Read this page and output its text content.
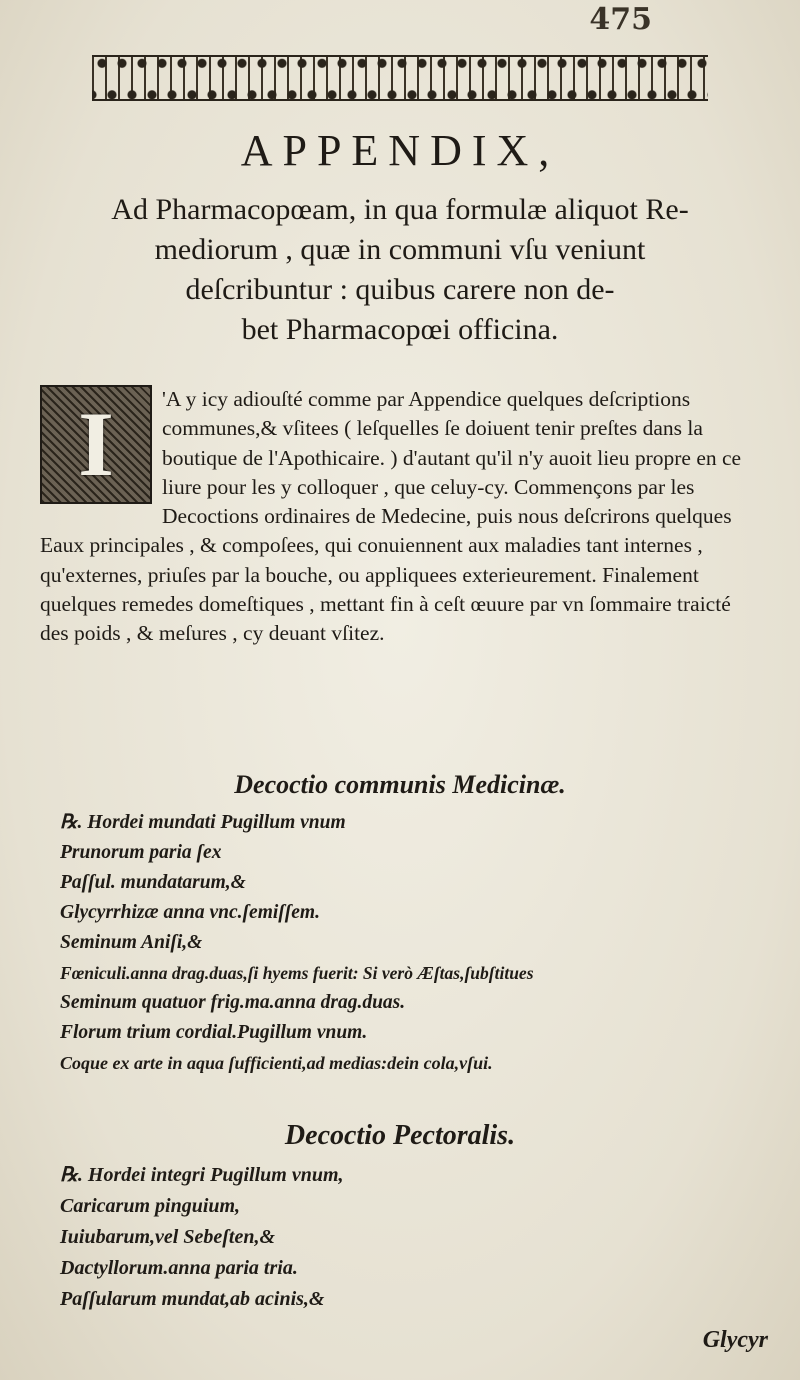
475
APPENDIX,
Ad Pharmacopœam, in qua formulæ aliquot Re-
mediorum , quæ in communi vſu veniunt
deſcribuntur : quibus carere non de-
bet Pharmacopœi officina.
I	'A y icy adiouſté comme par Appendice quelques deſcriptions communes,& vſitees ( leſquelles ſe doiuent tenir preſtes dans la boutique de l'Apothicaire. ) d'autant qu'il n'y auoit lieu propre en ce liure pour les y colloquer , que celuy-cy. Commençons par les Decoctions ordinaires de Medecine, puis nous deſcrirons quelques Eaux principales , & compoſees, qui conuiennent aux maladies tant internes , qu'externes, priuſes par la bouche, ou appliquees exterieurement. Finalement quelques remedes domeſtiques , mettant fin à ceſt œuure par vn ſommaire traicté des poids , & meſures , cy deuant vſitez.
Decoctio communis Medicinæ.
℞. Hordei mundati Pugillum vnum
Prunorum paria ſex
Paſſul. mundatarum,&
Glycyrrhizæ anna vnc.ſemiſſem.
Seminum Aniſi,&
Fœniculi.anna drag.duas,ſi hyems fuerit: Si verò Æſtas,ſubſtitues
Seminum quatuor frig.ma.anna drag.duas.
Florum trium cordial.Pugillum vnum.
Coque ex arte in aqua ſufficienti,ad medias:dein cola,vſui.
Decoctio Pectoralis.
℞. Hordei integri Pugillum vnum,
Caricarum pinguium,
Iuiubarum,vel Sebeſten,&
Dactyllorum.anna paria tria.
Paſſularum mundat,ab acinis,&
Glycyr
